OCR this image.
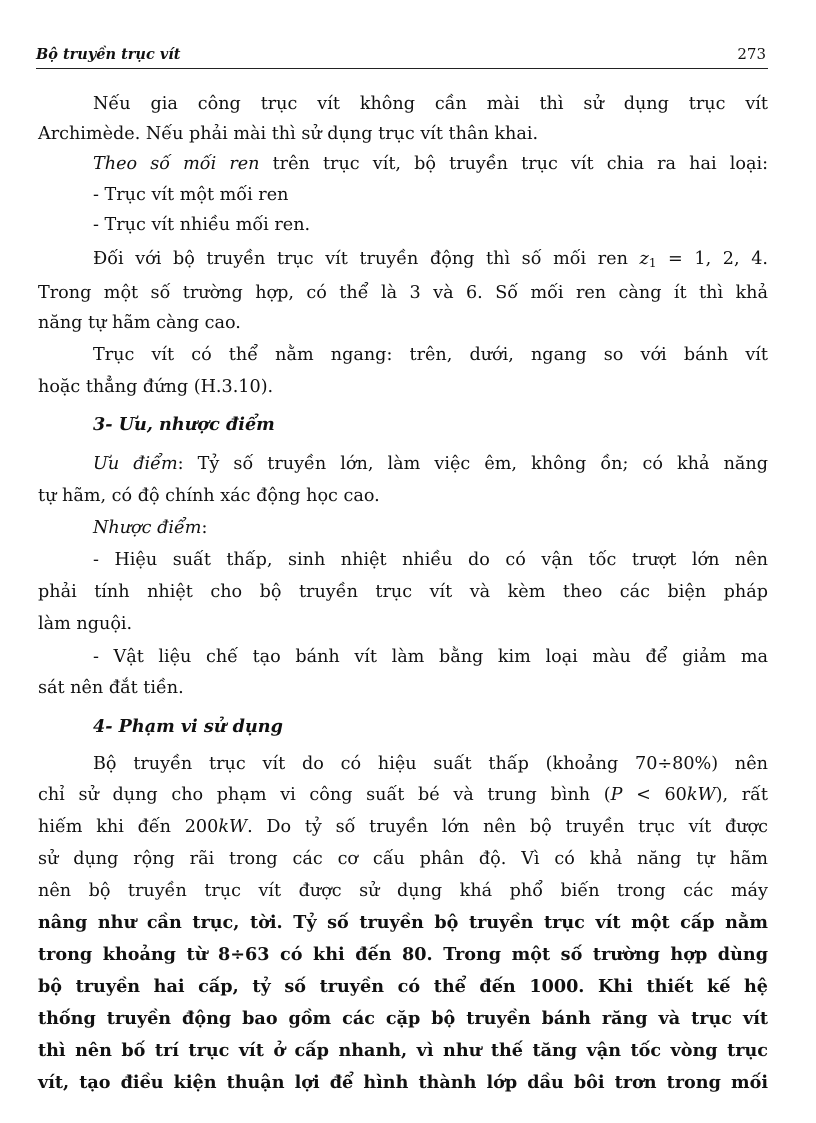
Bộ truyền trục vít	273
Nếu gia công trục vít không cần mài thì sử dụng trục vít
Archimède. Nếu phải mài thì sử dụng trục vít thân khai.
Theo số mối ren trên trục vít, bộ truyền trục vít chia ra hai loại:
- Trục vít một mối ren
- Trục vít nhiều mối ren.
Đối với bộ truyền trục vít truyền động thì số mối ren $z_1 = 1$, 2, 4.
Trong một số trường hợp, có thể là 3 và 6. Số mối ren càng ít thì khả
năng tự hãm càng cao.
Trục vít có thể nằm ngang: trên, dưới, ngang so với bánh vít
hoặc thẳng đứng (H.3.10).
3- Ưu, nhược điểm
Ưu điểm: Tỷ số truyền lớn, làm việc êm, không ồn; có khả năng
tự hãm, có độ chính xác động học cao.
Nhược điểm:
- Hiệu suất thấp, sinh nhiệt nhiều do có vận tốc trượt lớn nên
phải tính nhiệt cho bộ truyền trục vít và kèm theo các biện pháp
làm nguội.
- Vật liệu chế tạo bánh vít làm bằng kim loại màu để giảm ma
sát nên đắt tiền.
4- Phạm vi sử dụng
Bộ truyền trục vít do có hiệu suất thấp (khoảng 70÷80%) nên
chỉ sử dụng cho phạm vi công suất bé và trung bình (P < 60kW), rất
hiếm khi đến 200kW. Do tỷ số truyền lớn nên bộ truyền trục vít được
sử dụng rộng rãi trong các cơ cấu phân độ. Vì có khả năng tự hãm
nên bộ truyền trục vít được sử dụng khá phổ biến trong các máy
nâng như cần trục, tời. Tỷ số truyền bộ truyền trục vít một cấp nằm
trong khoảng từ 8÷63 có khi đến 80. Trong một số trường hợp dùng
bộ truyền hai cấp, tỷ số truyền có thể đến 1000. Khi thiết kế hệ
thống truyền động bao gồm các cặp bộ truyền bánh răng và trục vít
thì nên bố trí trục vít ở cấp nhanh, vì như thế tăng vận tốc vòng trục
vít, tạo điều kiện thuận lợi để hình thành lớp dầu bôi trơn trong mối
